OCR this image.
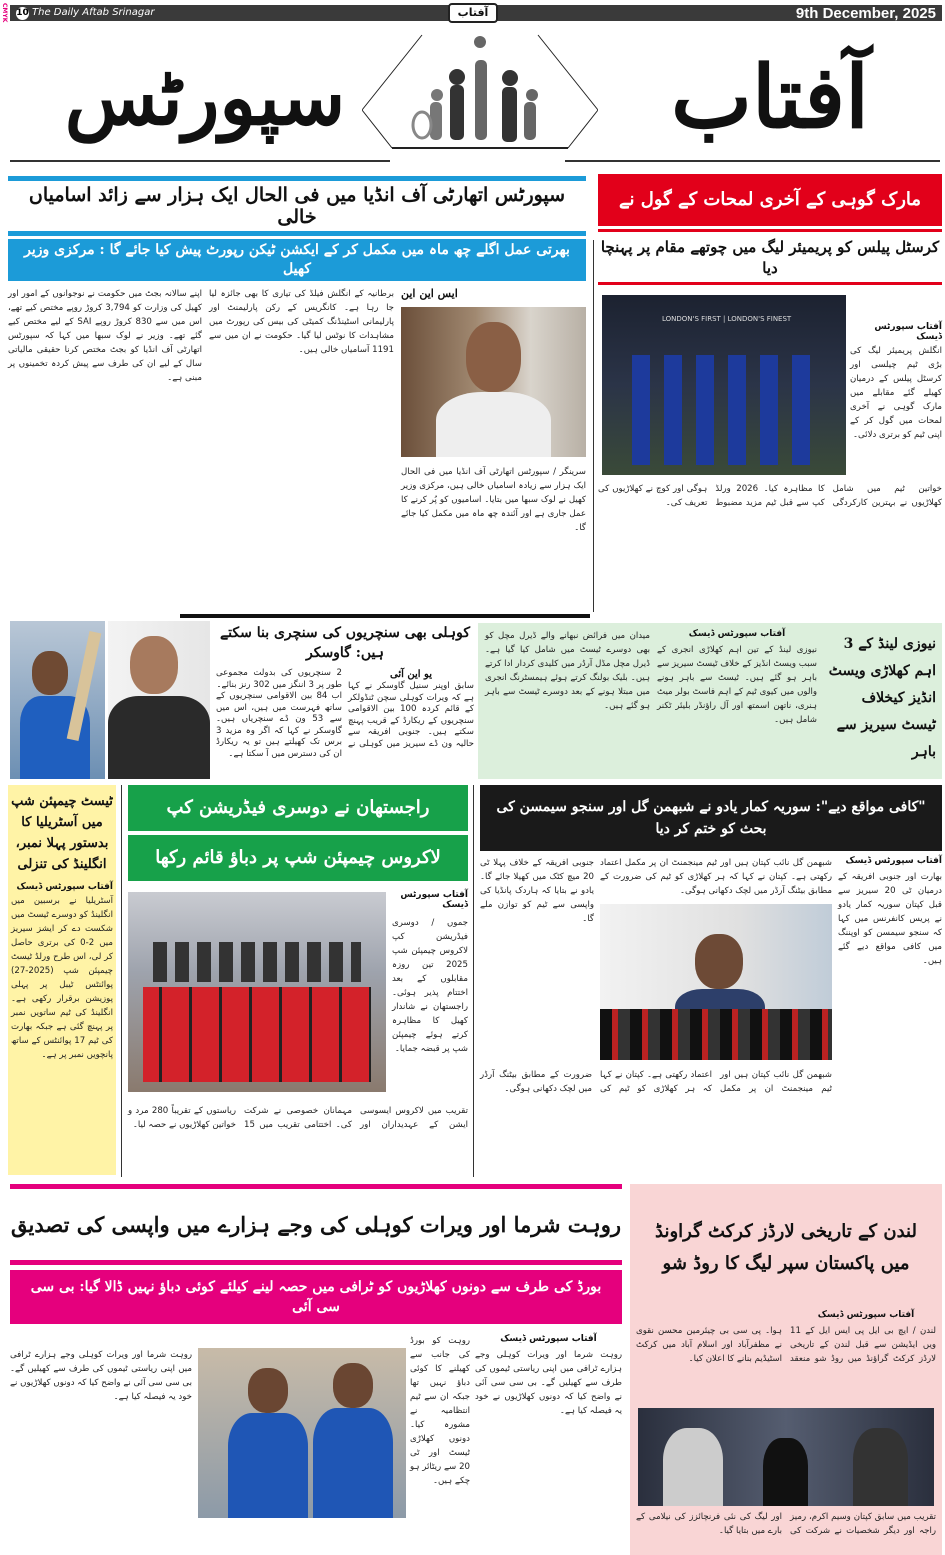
CMYK 10 The Daily Aftab Srinagar	9th December, 2025
آفتاب
آفتاب
سپورٹس
سپورٹس اتھارٹی آف انڈیا میں فی الحال ایک ہزار سے زائد اسامیاں خالی
بھرتی عمل اگلے چھ ماہ میں مکمل کر کے ایکشن ٹیکن رپورٹ پیش کیا جائے گا : مرکزی وزیر کھیل
ایس این این
سرینگر / سپورٹس اتھارٹی آف انڈیا میں فی الحال ایک ہزار سے زیادہ اسامیاں خالی ہیں، مرکزی وزیر کھیل نے لوک سبھا میں بتایا۔ اسامیوں کو پُر کرنے کا عمل جاری ہے اور آئندہ چھ ماہ میں مکمل کیا جائے گا۔
برطانیہ کے انگلش فیلڈ کی تیاری کا بھی جائزہ لیا جا رہا ہے۔ کانگریس کے رکن پارلیمنٹ اور پارلیمانی اسٹینڈنگ کمیٹی کی بیس کی رپورٹ میں مشاہدات کا نوٹس لیا گیا۔ حکومت نے ان میں سے 1191 آسامیاں خالی ہیں۔
اپنے سالانہ بجٹ میں حکومت نے نوجوانوں کے امور اور کھیل کی وزارت کو 3,794 کروڑ روپے مختص کیے تھے، اس میں سے 830 کروڑ روپے SAI کے لیے مختص کیے گئے تھے۔ وزیر نے لوک سبھا میں کہا کہ سپورٹس اتھارٹی آف انڈیا کو بجٹ مختص کرنا حقیقی مالیاتی سال کے لیے ان کی طرف سے پیش کردہ تخمینوں پر مبنی ہے۔
مارک گوہی کے آخری لمحات کے گول نے
کرسٹل پیلس کو پریمیئر لیگ میں چوتھے مقام پر پہنچا دیا
LONDON'S FIRST | LONDON'S FINEST
آفتاب سپورٹس ڈیسک
انگلش پریمیئر لیگ کی بڑی ٹیم چیلسی اور کرسٹل پیلس کے درمیان کھیلے گئے مقابلے میں مارک گوہی نے آخری لمحات میں گول کر کے اپنی ٹیم کو برتری دلائی۔
خواتین ٹیم میں شامل کھلاڑیوں نے بہترین کارکردگی کا مظاہرہ کیا۔ 2026 ورلڈ کپ سے قبل ٹیم مزید مضبوط ہوگی اور کوچ نے کھلاڑیوں کی تعریف کی۔
کوہلی بھی سنچریوں کی سنچری بنا سکتے ہیں: گاوسکر
یو این آئی
سابق اوپنر سنیل گاوسکر نے کہا ہے کہ ویرات کوہلی سچن ٹنڈولکر کے قائم کردہ 100 بین الاقوامی سنچریوں کے ریکارڈ کے قریب پہنچ سکتے ہیں۔ جنوبی افریقہ سے حالیہ ون ڈے سیریز میں کوہلی نے 2 سنچریوں کی بدولت مجموعی طور پر 3 اننگز میں 302 رنز بنائے۔
اب 84 بین الاقوامی سنچریوں کے ساتھ فہرست میں ہیں، اس میں سے 53 ون ڈے سنچریاں ہیں۔ گاوسکر نے کہا کہ اگر وہ مزید 3 برس تک کھیلتے ہیں تو یہ ریکارڈ ان کی دسترس میں آ سکتا ہے۔
نیوزی لینڈ کے 3 اہم کھلاڑی ویسٹ انڈیز کیخلاف ٹیسٹ سیریز سے باہر
آفتاب سپورٹس ڈیسک
نیوزی لینڈ کے تین اہم کھلاڑی انجری کے سبب ویسٹ انڈیز کے خلاف ٹیسٹ سیریز سے باہر ہو گئے ہیں۔ ٹیسٹ سے باہر ہونے والوں میں کیوی ٹیم کے اہم فاسٹ بولر میٹ ہنری، ناتھن اسمتھ اور آل راؤنڈر بلیئر ٹکنر شامل ہیں۔
میدان میں فرائض نبھانے والے ڈیرل مچل کو بھی دوسرے ٹیسٹ میں شامل کیا گیا ہے۔ ڈیرل مچل مڈل آرڈر میں کلیدی کردار ادا کرتے ہیں۔ بلیک بولنگ کرتے ہوئے ہیمسٹرنگ انجری میں مبتلا ہونے کے بعد دوسرے ٹیسٹ سے باہر ہو گئے ہیں۔
ٹیسٹ چیمپئن شپ میں آسٹریلیا کا بدستور پہلا نمبر، انگلینڈ کی تنزلی
آفتاب سپورٹس ڈیسک
آسٹریلیا نے برسبین میں انگلینڈ کو دوسرے ٹیسٹ میں شکست دے کر ایشز سیریز میں 2-0 کی برتری حاصل کر لی، اس طرح ورلڈ ٹیسٹ چیمپئن شپ (2025-27) پوائنٹس ٹیبل پر پہلی پوزیشن برقرار رکھی ہے۔ انگلینڈ کی ٹیم ساتویں نمبر پر پہنچ گئی ہے جبکہ بھارت کی ٹیم 17 پوائنٹس کے ساتھ پانچویں نمبر پر ہے۔
راجستھان نے دوسری فیڈریشن کپ
لاکروس چیمپئن شپ پر دباؤ قائم رکھا
آفتاب سپورٹس ڈیسک
جموں / دوسری فیڈریشن کپ لاکروس چیمپئن شپ 2025 تین روزہ مقابلوں کے بعد اختتام پذیر ہوئی۔ راجستھان نے شاندار کھیل کا مظاہرہ کرتے ہوئے چیمپئن شپ پر قبضہ جمایا۔
تقریب میں لاکروس ایسوسی ایشن کے عہدیداران اور مہمانان خصوصی نے شرکت کی۔ اختتامی تقریب میں 15 ریاستوں کے تقریباً 280 مرد و خواتین کھلاڑیوں نے حصہ لیا۔
"کافی مواقع دیے": سوریہ کمار یادو نے شبھمن گل اور سنجو سیمسن کی بحث کو ختم کر دیا
آفتاب سپورٹس ڈیسک
بھارت اور جنوبی افریقہ کے درمیان ٹی 20 سیریز سے قبل کپتان سوریہ کمار یادو نے پریس کانفرنس میں کہا کہ سنجو سیمسن کو اوپننگ میں کافی مواقع دیے گئے ہیں۔
شبھمن گل نائب کپتان ہیں اور ٹیم مینجمنٹ ان پر مکمل اعتماد رکھتی ہے۔ کپتان نے کہا کہ ہر کھلاڑی کو ٹیم کی ضرورت کے مطابق بیٹنگ آرڈر میں لچک دکھانی ہوگی۔
جنوبی افریقہ کے خلاف پہلا ٹی 20 میچ کٹک میں کھیلا جائے گا۔ یادو نے بتایا کہ ہاردک پانڈیا کی واپسی سے ٹیم کو توازن ملے گا۔
شبھمن گل نائب کپتان ہیں اور ٹیم مینجمنٹ ان پر مکمل اعتماد رکھتی ہے۔ کپتان نے کہا کہ ہر کھلاڑی کو ٹیم کی ضرورت کے مطابق بیٹنگ آرڈر میں لچک دکھانی ہوگی۔
روہت شرما اور ویرات کوہلی کی وجے ہزارے میں واپسی کی تصدیق
بورڈ کی طرف سے دونوں کھلاڑیوں کو ٹرافی میں حصہ لینے کیلئے کوئی دباؤ نہیں ڈالا گیا: بی سی سی آئی
آفتاب سپورٹس ڈیسک
روہت شرما اور ویرات کوہلی وجے ہزارے ٹرافی میں اپنی ریاستی ٹیموں کی طرف سے کھیلیں گے۔ بی سی سی آئی نے واضح کیا کہ دونوں کھلاڑیوں نے خود یہ فیصلہ کیا ہے۔
روہت کو بورڈ کی جانب سے کھیلنے کا کوئی دباؤ نہیں تھا جبکہ ان سے ٹیم انتظامیہ نے مشورہ کیا۔ دونوں کھلاڑی ٹیسٹ اور ٹی 20 سے ریٹائر ہو چکے ہیں۔
روہت شرما اور ویرات کوہلی وجے ہزارے ٹرافی میں اپنی ریاستی ٹیموں کی طرف سے کھیلیں گے۔ بی سی سی آئی نے واضح کیا کہ دونوں کھلاڑیوں نے خود یہ فیصلہ کیا ہے۔
لندن کے تاریخی لارڈز کرکٹ گراونڈ میں پاکستان سپر لیگ کا روڈ شو
آفتاب سپورٹس ڈیسک
لندن / ایچ بی ایل پی ایس ایل کے 11 ویں ایڈیشن سے قبل لندن کے تاریخی لارڈز کرکٹ گراؤنڈ میں روڈ شو منعقد ہوا۔ پی سی بی چیئرمین محسن نقوی نے مظفرآباد اور اسلام آباد میں کرکٹ اسٹیڈیم بنانے کا اعلان کیا۔
تقریب میں سابق کپتان وسیم اکرم، رمیز راجہ اور دیگر شخصیات نے شرکت کی اور لیگ کی نئی فرنچائزز کی نیلامی کے بارے میں بتایا گیا۔
